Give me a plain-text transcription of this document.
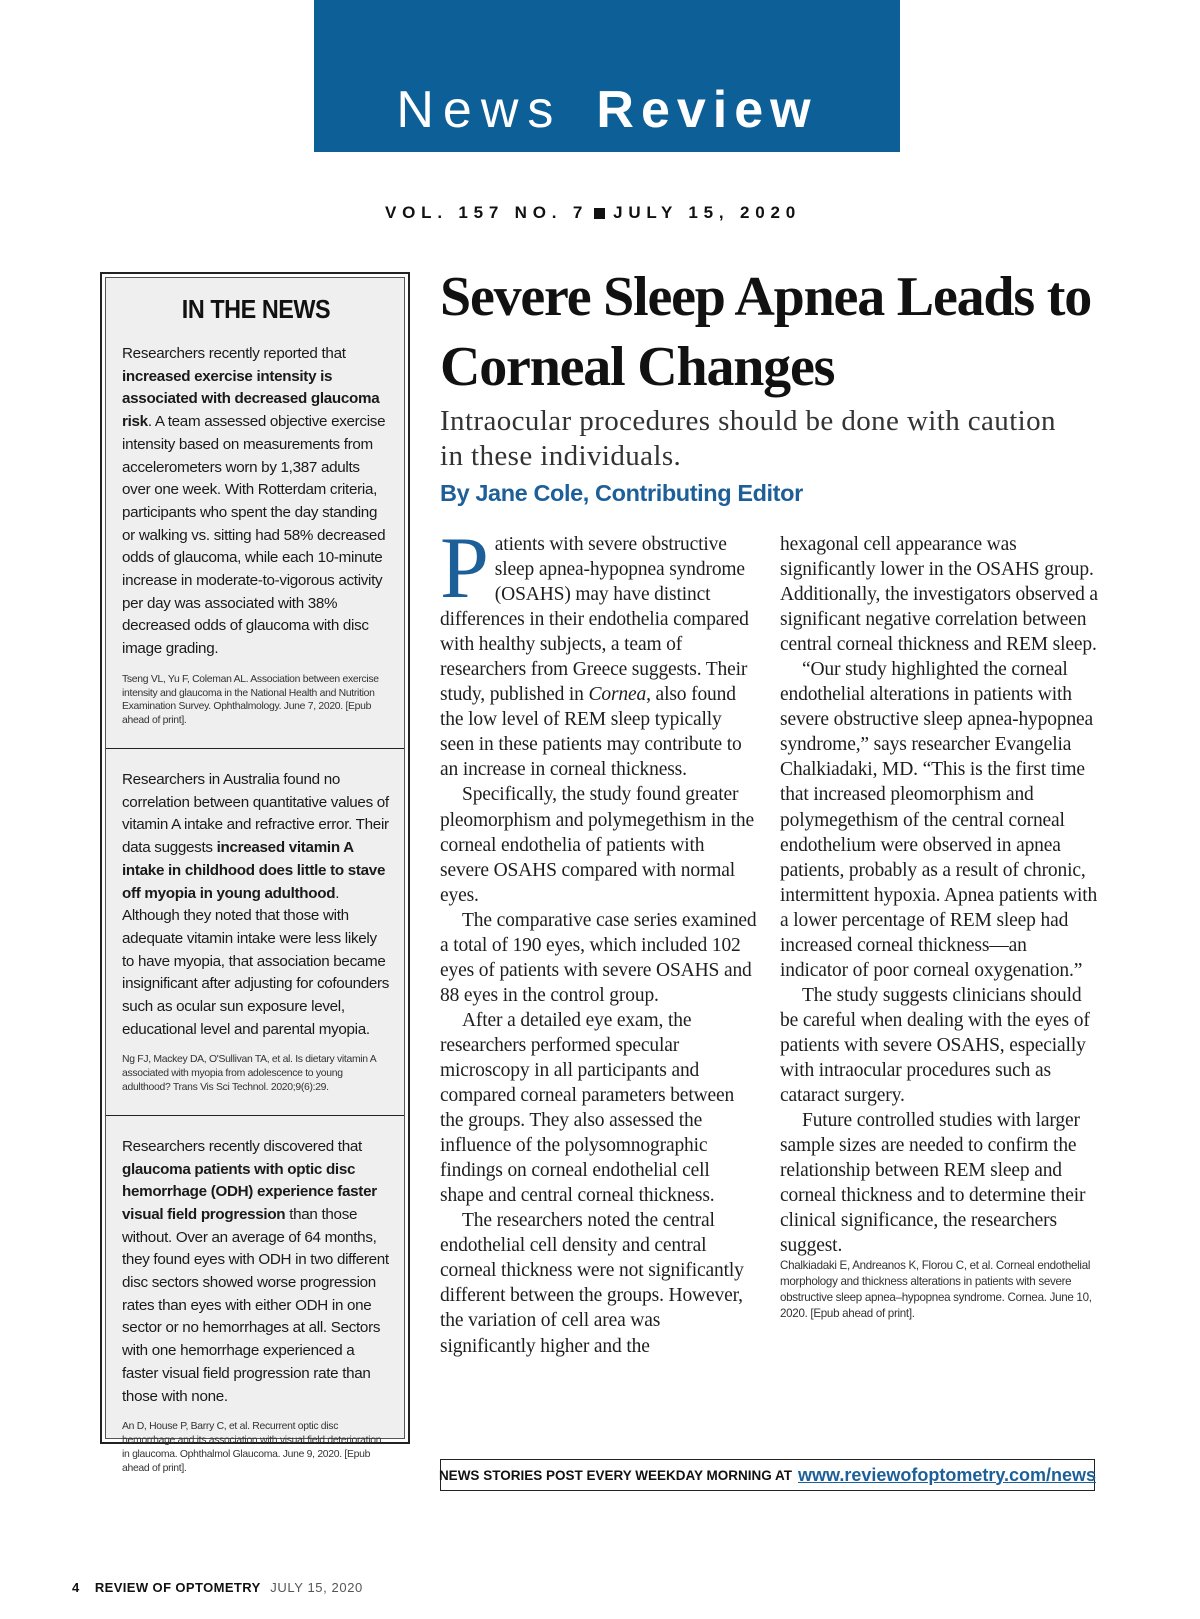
News Review
VOL. 157 NO. 7 JULY 15, 2020
IN THE NEWS
Researchers recently reported that increased exercise intensity is associated with decreased glaucoma risk. A team assessed objective exercise intensity based on measurements from accelerometers worn by 1,387 adults over one week. With Rotterdam criteria, participants who spent the day standing or walking vs. sitting had 58% decreased odds of glaucoma, while each 10-minute increase in moderate-to-vigorous activity per day was associated with 38% decreased odds of glaucoma with disc image grading.
Tseng VL, Yu F, Coleman AL. Association between exercise intensity and glaucoma in the National Health and Nutrition Examination Survey. Ophthalmology. June 7, 2020. [Epub ahead of print].
Researchers in Australia found no correlation between quantitative values of vitamin A intake and refractive error. Their data suggests increased vitamin A intake in childhood does little to stave off myopia in young adulthood. Although they noted that those with adequate vitamin intake were less likely to have myopia, that association became insignificant after adjusting for cofounders such as ocular sun exposure level, educational level and parental myopia.
Ng FJ, Mackey DA, O'Sullivan TA, et al. Is dietary vitamin A associated with myopia from adolescence to young adulthood? Trans Vis Sci Technol. 2020;9(6):29.
Researchers recently discovered that glaucoma patients with optic disc hemorrhage (ODH) experience faster visual field progression than those without. Over an average of 64 months, they found eyes with ODH in two different disc sectors showed worse progression rates than eyes with either ODH in one sector or no hemorrhages at all. Sectors with one hemorrhage experienced a faster visual field progression rate than those with none.
An D, House P, Barry C, et al. Recurrent optic disc hemorrhage and its association with visual field deterioration in glaucoma. Ophthalmol Glaucoma. June 9, 2020. [Epub ahead of print].
Severe Sleep Apnea Leads to Corneal Changes
Intraocular procedures should be done with caution in these individuals.
By Jane Cole, Contributing Editor

Patients with severe obstructive sleep apnea-hypopnea syndrome (OSAHS) may have distinct differences in their endothelia compared with healthy subjects, a team of researchers from Greece suggests. Their study, published in Cornea, also found the low level of REM sleep typically seen in these patients may contribute to an increase in corneal thickness.

Specifically, the study found greater pleomorphism and polymegethism in the corneal endothelia of patients with severe OSAHS compared with normal eyes.

The comparative case series examined a total of 190 eyes, which included 102 eyes of patients with severe OSAHS and 88 eyes in the control group.

After a detailed eye exam, the researchers performed specular microscopy in all participants and compared corneal parameters between the groups. They also assessed the influence of the polysomnographic findings on corneal endothelial cell shape and central corneal thickness.

The researchers noted the central endothelial cell density and central corneal thickness were not significantly different between the groups. However, the variation of cell area was significantly higher and the

hexagonal cell appearance was significantly lower in the OSAHS group. Additionally, the investigators observed a significant negative correlation between central corneal thickness and REM sleep.

“Our study highlighted the corneal endothelial alterations in patients with severe obstructive sleep apnea-hypopnea syndrome,” says researcher Evangelia Chalkiadaki, MD. “This is the first time that increased pleomorphism and polymegethism of the central corneal endothelium were observed in apnea patients, probably as a result of chronic, intermittent hypoxia. Apnea patients with a lower percentage of REM sleep had increased corneal thickness—an indicator of poor corneal oxygenation.”

The study suggests clinicians should be careful when dealing with the eyes of patients with severe OSAHS, especially with intraocular procedures such as cataract surgery.

Future controlled studies with larger sample sizes are needed to confirm the relationship between REM sleep and corneal thickness and to determine their clinical significance, the researchers suggest.

Chalkiadaki E, Andreanos K, Florou C, et al. Corneal endothelial morphology and thickness alterations in patients with severe obstructive sleep apnea–hypopnea syndrome. Cornea. June 10, 2020. [Epub ahead of print].

NEWS STORIES POST EVERY WEEKDAY MORNING AT www.reviewofoptometry.com/news
4 REVIEW OF OPTOMETRY JULY 15, 2020
